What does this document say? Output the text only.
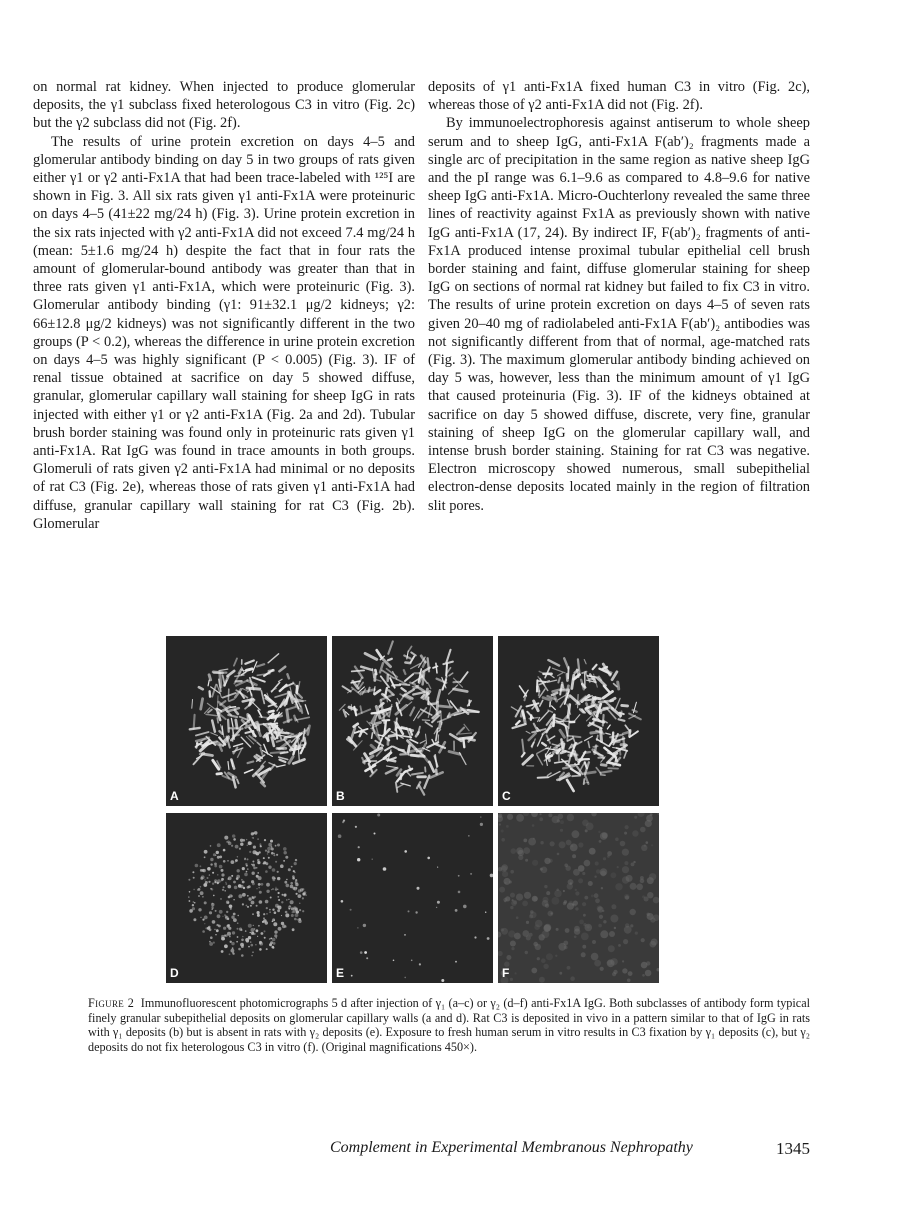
on normal rat kidney. When injected to produce glomerular deposits, the γ1 subclass fixed heterologous C3 in vitro (Fig. 2c) but the γ2 subclass did not (Fig. 2f).

The results of urine protein excretion on days 4–5 and glomerular antibody binding on day 5 in two groups of rats given either γ1 or γ2 anti-Fx1A that had been trace-labeled with ¹²⁵I are shown in Fig. 3. All six rats given γ1 anti-Fx1A were proteinuric on days 4–5 (41±22 mg/24 h) (Fig. 3). Urine protein excretion in the six rats injected with γ2 anti-Fx1A did not exceed 7.4 mg/24 h (mean: 5±1.6 mg/24 h) despite the fact that in four rats the amount of glomerular-bound antibody was greater than that in three rats given γ1 anti-Fx1A, which were proteinuric (Fig. 3). Glomerular antibody binding (γ1: 91±32.1 μg/2 kidneys; γ2: 66±12.8 μg/2 kidneys) was not significantly different in the two groups (P < 0.2), whereas the difference in urine protein excretion on days 4–5 was highly significant (P < 0.005) (Fig. 3). IF of renal tissue obtained at sacrifice on day 5 showed diffuse, granular, glomerular capillary wall staining for sheep IgG in rats injected with either γ1 or γ2 anti-Fx1A (Fig. 2a and 2d). Tubular brush border staining was found only in proteinuric rats given γ1 anti-Fx1A. Rat IgG was found in trace amounts in both groups. Glomeruli of rats given γ2 anti-Fx1A had minimal or no deposits of rat C3 (Fig. 2e), whereas those of rats given γ1 anti-Fx1A had diffuse, granular capillary wall staining for rat C3 (Fig. 2b). Glomerular

deposits of γ1 anti-Fx1A fixed human C3 in vitro (Fig. 2c), whereas those of γ2 anti-Fx1A did not (Fig. 2f).

By immunoelectrophoresis against antiserum to whole sheep serum and to sheep IgG, anti-Fx1A F(ab′)₂ fragments made a single arc of precipitation in the same region as native sheep IgG and the pI range was 6.1–9.6 as compared to 4.8–9.6 for native sheep IgG anti-Fx1A. Micro-Ouchterlony revealed the same three lines of reactivity against Fx1A as previously shown with native IgG anti-Fx1A (17, 24). By indirect IF, F(ab′)₂ fragments of anti-Fx1A produced intense proximal tubular epithelial cell brush border staining and faint, diffuse glomerular staining for sheep IgG on sections of normal rat kidney but failed to fix C3 in vitro. The results of urine protein excretion on days 4–5 of seven rats given 20–40 mg of radiolabeled anti-Fx1A F(ab′)₂ antibodies was not significantly different from that of normal, age-matched rats (Fig. 3). The maximum glomerular antibody binding achieved on day 5 was, however, less than the minimum amount of γ1 IgG that caused proteinuria (Fig. 3). IF of the kidneys obtained at sacrifice on day 5 showed diffuse, discrete, very fine, granular staining of sheep IgG on the glomerular capillary wall, and intense brush border staining. Staining for rat C3 was negative. Electron microscopy showed numerous, small subepithelial electron-dense deposits located mainly in the region of filtration slit pores.

A	B	C
D	E	F
Figure 2 Immunofluorescent photomicrographs 5 d after injection of γ₁ (a–c) or γ₂ (d–f) anti-Fx1A IgG. Both subclasses of antibody form typical finely granular subepithelial deposits on glomerular capillary walls (a and d). Rat C3 is deposited in vivo in a pattern similar to that of IgG in rats with γ₁ deposits (b) but is absent in rats with γ₂ deposits (e). Exposure to fresh human serum in vitro results in C3 fixation by γ₁ deposits (c), but γ₂ deposits do not fix heterologous C3 in vitro (f). (Original magnifications 450×).
Complement in Experimental Membranous Nephropathy	1345
